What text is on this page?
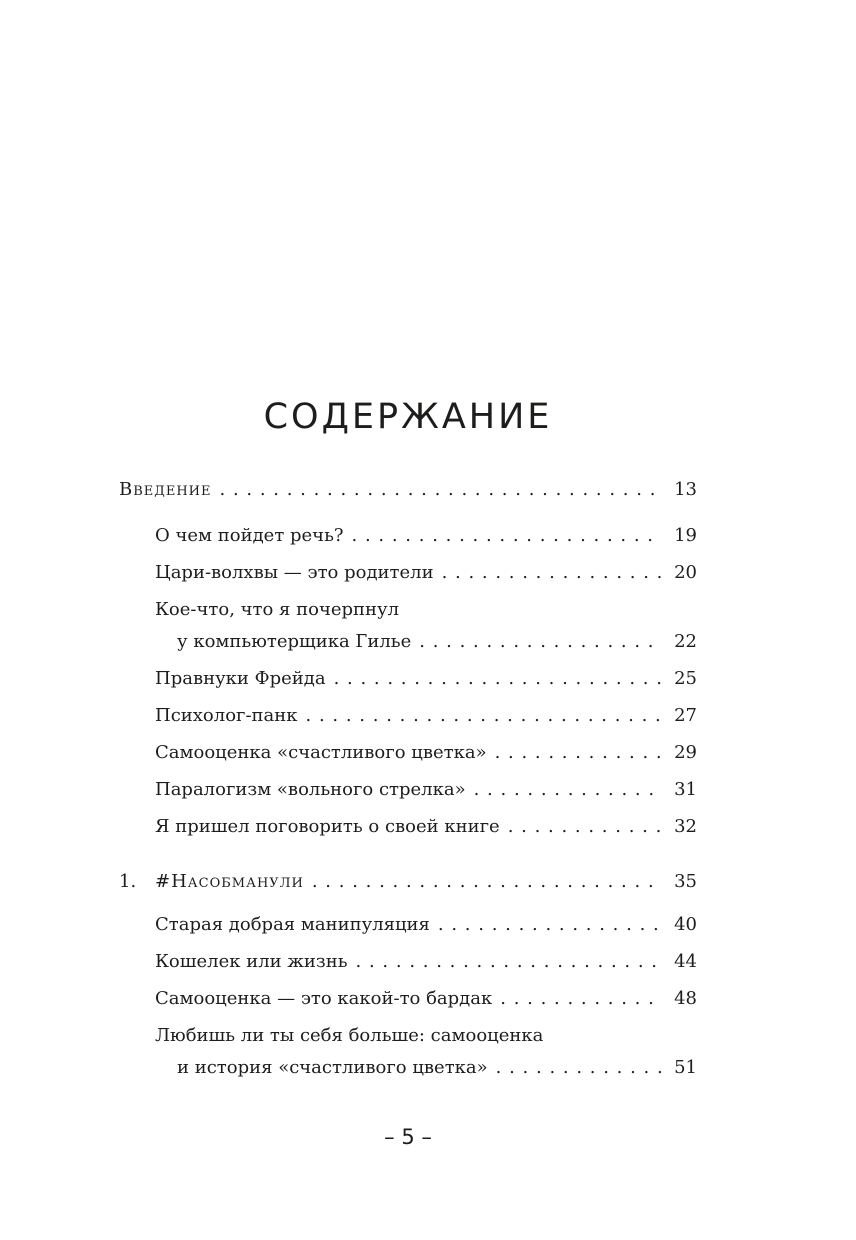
СОДЕРЖАНИЕ
Введение . . .	13
О чем пойдет речь? . . .	19
Цари-волхвы — это родители . . .	20
Кое-что, что я почерпнул
у компьютерщика Гилье . . .	22
Правнуки Фрейда . . .	25
Психолог-панк . . .	27
Самооценка «счастливого цветка» . . .	29
Паралогизм «вольного стрелка» . . .	31
Я пришел поговорить о своей книге . . .	32
1.	#Насобманули . . .	35
Старая добрая манипуляция . . .	40
Кошелек или жизнь . . .	44
Самооценка — это какой-то бардак . . .	48
Любишь ли ты себя больше: самооценка
и история «счастливого цветка» . . .	51
– 5 –
